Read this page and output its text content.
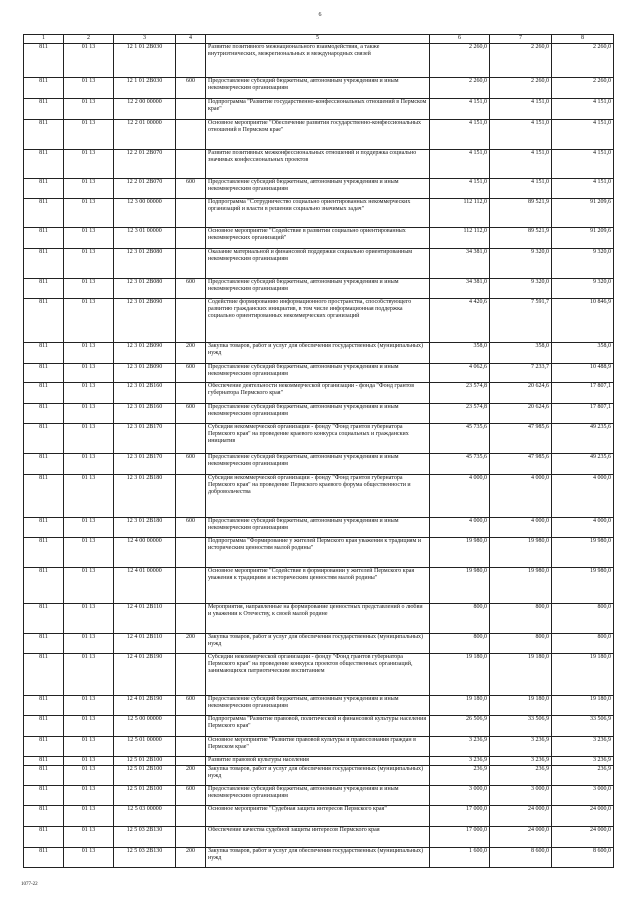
6
1	2	3	4	5	6	7	8
811	01 13	12 1 01 2В030		Развитие позитивного межнационального взаимодействия, а также внутриэтнических, межрегиональных и международных связей	2 260,0	2 260,0	2 260,0
811	01 13	12 1 01 2В030	600	Предоставление субсидий бюджетным, автономным учреждениям и иным некоммерческим организациям	2 260,0	2 260,0	2 260,0
811	01 13	12 2 00 00000		Подпрограмма "Развитие государственно-конфессиональных отношений в Пермском крае"	4 151,0	4 151,0	4 151,0
811	01 13	12 2 01 00000		Основное мероприятие "Обеспечение развития государственно-конфессиональных отношений в Пермском крае"	4 151,0	4 151,0	4 151,0
811	01 13	12 2 01 2В070		Развитие позитивных межконфессиональных отношений и поддержка социально значимых конфессиональных проектов	4 151,0	4 151,0	4 151,0
811	01 13	12 2 01 2В070	600	Предоставление субсидий бюджетным, автономным учреждениям и иным некоммерческим организациям	4 151,0	4 151,0	4 151,0
811	01 13	12 3 00 00000		Подпрограмма "Сотрудничество социально ориентированных некоммерческих организаций и власти в решении социально значимых задач"	112 112,0	89 521,9	91 209,6
811	01 13	12 3 01 00000		Основное мероприятие "Содействие в развитии социально ориентированных некоммерческих организаций"	112 112,0	89 521,9	91 209,6
811	01 13	12 3 01 2В080		Оказание материальной и финансовой поддержки социально ориентированным некоммерческим организациям	34 381,0	9 320,0	9 320,0
811	01 13	12 3 01 2В080	600	Предоставление субсидий бюджетным, автономным учреждениям и иным некоммерческим организациям	34 381,0	9 320,0	9 320,0
811	01 13	12 3 01 2В090		Содействие формированию информационного пространства, способствующего развитию гражданских инициатив, в том числе информационная поддержка социально ориентированных некоммерческих организаций	4 420,6	7 591,7	10 846,9
811	01 13	12 3 01 2В090	200	Закупка товаров, работ и услуг для обеспечения государственных (муниципальных) нужд	358,0	358,0	358,0
811	01 13	12 3 01 2В090	600	Предоставление субсидий бюджетным, автономным учреждениям и иным некоммерческим организациям	4 062,6	7 233,7	10 488,9
811	01 13	12 3 01 2В160		Обеспечение деятельности некоммерческой организации - фонда "Фонд грантов губернатора Пермского края"	23 574,8	20 624,6	17 807,1
811	01 13	12 3 01 2В160	600	Предоставление субсидий бюджетным, автономным учреждениям и иным некоммерческим организациям	23 574,8	20 624,6	17 807,1
811	01 13	12 3 01 2В170		Субсидия некоммерческой организации - фонду "Фонд грантов губернатора Пермского края" на проведение краевого конкурса социальных и гражданских инициатив	45 735,6	47 985,6	49 235,6
811	01 13	12 3 01 2В170	600	Предоставление субсидий бюджетным, автономным учреждениям и иным некоммерческим организациям	45 735,6	47 985,6	49 235,6
811	01 13	12 3 01 2В180		Субсидия некоммерческой организации - фонду "Фонд грантов губернатора Пермского края" на проведение Пермского краевого форума общественности и добровольчества	4 000,0	4 000,0	4 000,0
811	01 13	12 3 01 2В180	600	Предоставление субсидий бюджетным, автономным учреждениям и иным некоммерческим организациям	4 000,0	4 000,0	4 000,0
811	01 13	12 4 00 00000		Подпрограмма "Формирование у жителей Пермского края уважения к традициям и историческим ценностям малой родины"	19 980,0	19 980,0	19 980,0
811	01 13	12 4 01 00000		Основное мероприятие "Содействие в формировании у жителей Пермского края уважения к традициям и историческим ценностям малой родины"	19 980,0	19 980,0	19 980,0
811	01 13	12 4 01 2В110		Мероприятия, направленные на формирование ценностных представлений о любви и уважении к Отечеству, к своей малой родине	800,0	800,0	800,0
811	01 13	12 4 01 2В110	200	Закупка товаров, работ и услуг для обеспечения государственных (муниципальных) нужд	800,0	800,0	800,0
811	01 13	12 4 01 2В190		Субсидии некоммерческой организации - фонду "Фонд грантов губернатора Пермского края" на проведение конкурса проектов общественных организаций, занимающихся патриотическим воспитанием	19 180,0	19 180,0	19 180,0
811	01 13	12 4 01 2В190	600	Предоставление субсидий бюджетным, автономным учреждениям и иным некоммерческим организациям	19 180,0	19 180,0	19 180,0
811	01 13	12 5 00 00000		Подпрограмма "Развитие правовой, политической и финансовой культуры населения Пермского края"	26 506,9	33 506,9	33 506,9
811	01 13	12 5 01 00000		Основное мероприятие "Развитие правовой культуры и правосознания граждан в Пермском крае"	3 236,9	3 236,9	3 236,9
811	01 13	12 5 01 2В100		Развитие правовой культуры населения	3 236,9	3 236,9	3 236,9
811	01 13	12 5 01 2В100	200	Закупка товаров, работ и услуг для обеспечения государственных (муниципальных) нужд	236,9	236,9	236,9
811	01 13	12 5 01 2В100	600	Предоставление субсидий бюджетным, автономным учреждениям и иным некоммерческим организациям	3 000,0	3 000,0	3 000,0
811	01 13	12 5 03 00000		Основное мероприятие "Судебная защита интересов Пермского края"	17 000,0	24 000,0	24 000,0
811	01 13	12 5 03 2В130		Обеспечение качества судебной защиты интересов Пермского края	17 000,0	24 000,0	24 000,0
811	01 13	12 5 03 2В130	200	Закупка товаров, работ и услуг для обеспечения государственных (муниципальных) нужд	1 600,0	8 600,0	8 600,0
1077-22
